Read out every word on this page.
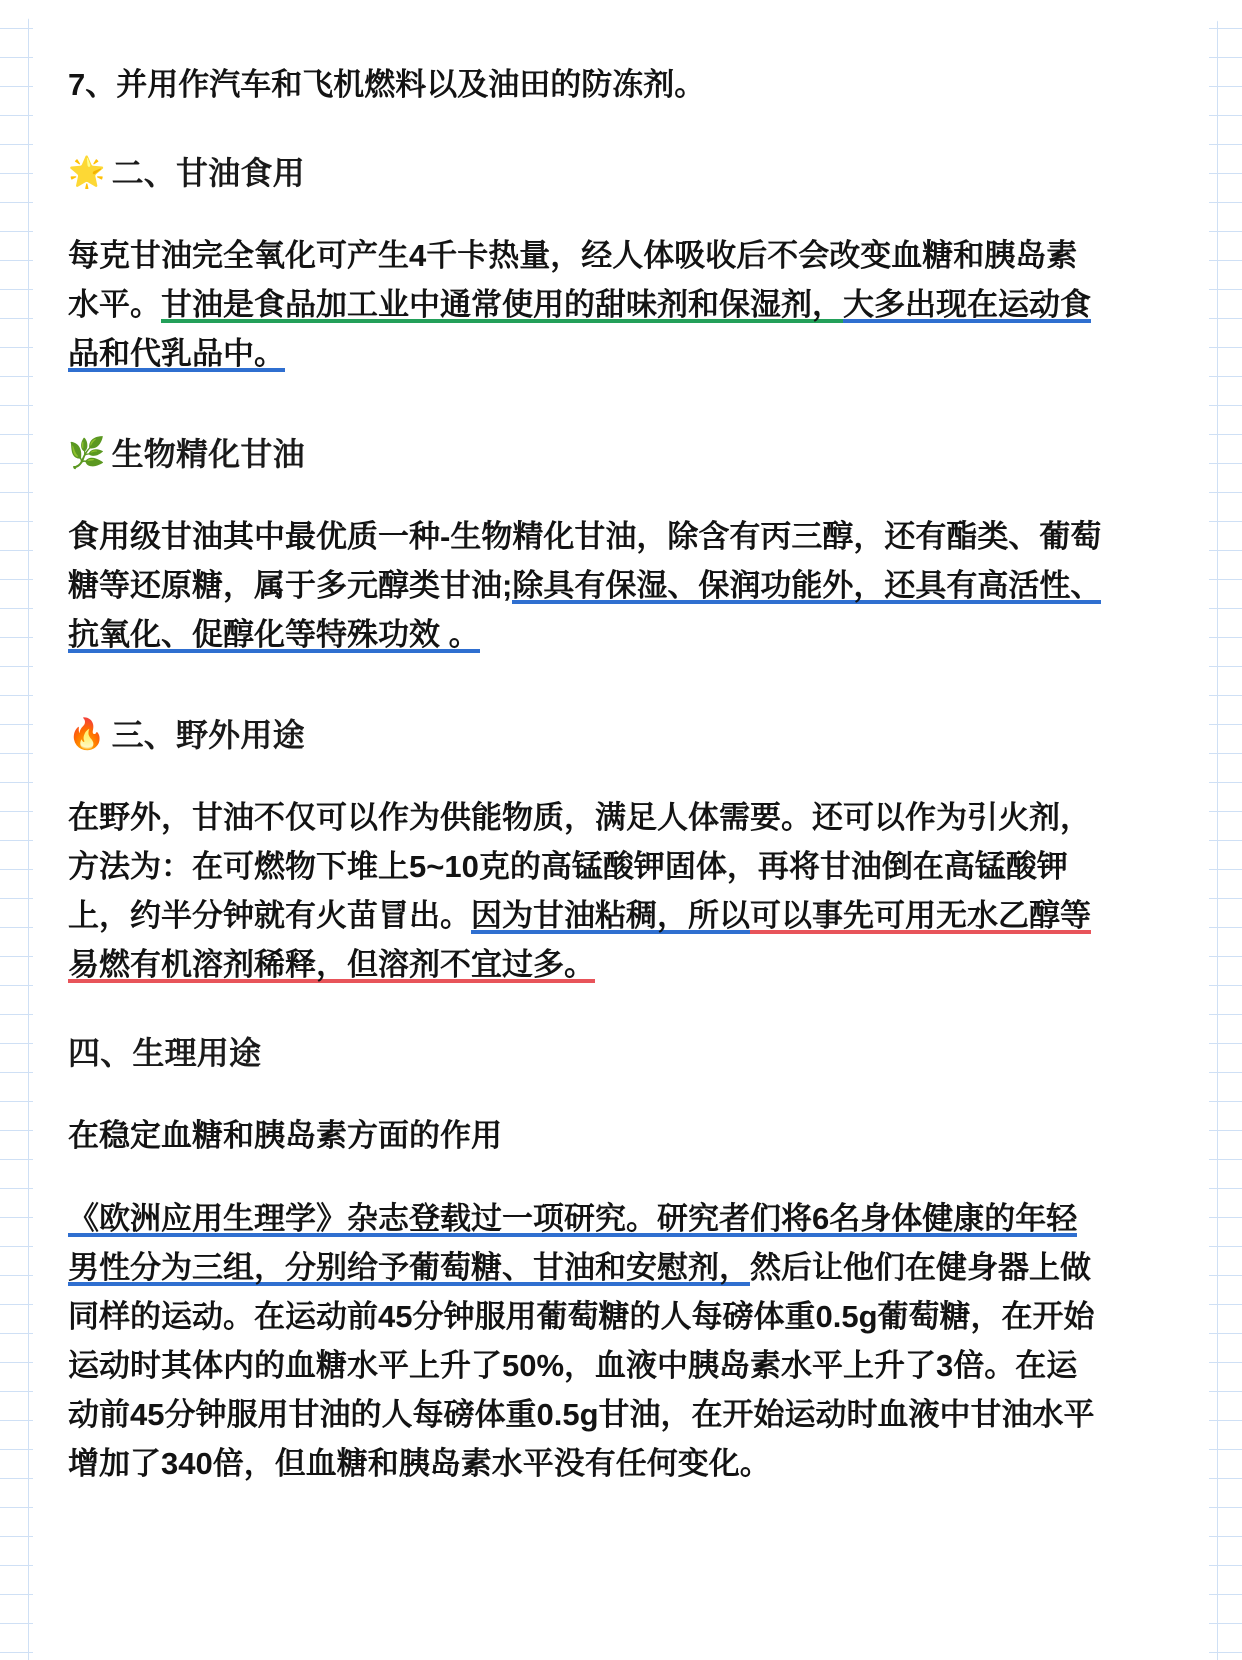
7、并用作汽车和飞机燃料以及油田的防冻剂。

🌟 二、甘油食用

每克甘油完全氧化可产生4千卡热量，经人体吸收后不会改变血糖和胰岛素水平。甘油是食品加工业中通常使用的甜味剂和保湿剂，大多出现在运动食品和代乳品中。

🌿 生物精化甘油

食用级甘油其中最优质一种-生物精化甘油，除含有丙三醇，还有酯类、葡萄糖等还原糖，属于多元醇类甘油;除具有保湿、保润功能外，还具有高活性、抗氧化、促醇化等特殊功效 。

🔥 三、野外用途

在野外，甘油不仅可以作为供能物质，满足人体需要。还可以作为引火剂，方法为：在可燃物下堆上5~10克的高锰酸钾固体，再将甘油倒在高锰酸钾上，约半分钟就有火苗冒出。因为甘油粘稠，所以可以事先可用无水乙醇等易燃有机溶剂稀释，但溶剂不宜过多。

四、生理用途

在稳定血糖和胰岛素方面的作用

《欧洲应用生理学》杂志登载过一项研究。研究者们将6名身体健康的年轻男性分为三组，分别给予葡萄糖、甘油和安慰剂，然后让他们在健身器上做同样的运动。在运动前45分钟服用葡萄糖的人每磅体重0.5g葡萄糖，在开始运动时其体内的血糖水平上升了50%，血液中胰岛素水平上升了3倍。在运动前45分钟服用甘油的人每磅体重0.5g甘油，在开始运动时血液中甘油水平增加了340倍，但血糖和胰岛素水平没有任何变化。
